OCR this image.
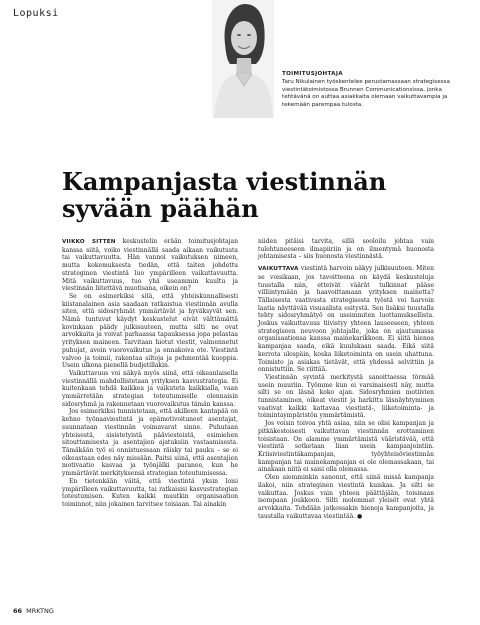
Lopuksi
TOIMITUSJOHTAJA
Taru Nikulainen työskentelee perustamassaan strategisessa viestintätoimistossa Brunnen Communicationsissa, jonka tehtävänä on auttaa asiakkaita olemaan vaikuttavampia ja tekemään parempaa tulosta.
Kampanjasta viestinnän
syvään päähän

VIIKKO SITTEN keskustelin erään toimitusjohtajan kanssa siitä, voiko viestinnällä saada aikaan vaikutusta tai vaikuttavuutta. Hän vannoi vaikutuksen nimeen, mutta kokemuksesta tiedän, että taiten johdettu strateginen viestintä luo ympärilleen vaikuttavuutta. Mitä vaikuttavuus, tuo yhä useammin kuultu ja viestinnän liitettävä muotisana, oikein on?

Se on esimerkiksi sitä, että yhteiskunnallisesti kiistanalainen asia saadaan ratkaistua viestinnän avulla siten, että sidosryhmät ymmärtävät ja hyväksyvät sen. Nämä tuntuvat käydyt keskustelut eivät välttämättä kovinkaan päädy julkisuuteen, mutta silti ne ovat arvokkaita ja voivat parhaassa tapauksessa jopa pelastaa yrityksen maineen. Tarvitaan hiotut viestit, valmennetut puhujat, avoin vuorovaikutus ja ennakoiva ote. Viestintä valvoo ja toimii, rakentaa siltoja ja pehmentää kuoppia. Usein ulkona pienellä budjetillakin.

Vaikuttavuus voi näkyä myös siinä, että oikeanlaisella viestinnällä mahdollistetaan yrityksen kasvustrategia. Ei kuitenkaan tehdä kaikkea ja vaikuteta kaikkialla, vaan ymmärretään strategian toteutumiselle olennaisin sidosryhmä ja rakennetaan vuorovaikutus tämän kanssa.

Jos esimerkiksi tunnistetaan, että akilleen kantapää on kehno työnaaviestintä ja epämotivoituneet asentajat, suunnataan viestinnän voimavarat sinne. Puhutaan yhteisestä, sisistetyistä pääviesteistä, esimiehen sitouttamisesta ja asentajien ajatuksiin vastaamisesta. Tämäkään työ ei onnistuessaan räisky tai pauku – se ei oikeastaan edes näy missään. Paitsi siinä, että asentajien motivaatio kasvaa ja työnjälki paranee, kun he ymmärtävät merkityksensä strategian toteutumisessa.

En tietenkään väitä, että viestintä yksin loisi ympärilleen vaikuttavuutta, tai ratkaisisi kasvustrategian toteutumisen. Kuten kaikki muutkin organisaation toiminnot, niin jokainen tarvitsee toisiaan. Tai ainakin

niiden pitäisi tarvita, sillä sooloilu johtaa vain tulehtuneeseen ilmapiiriin ja on ilmentymä huonosta johtamisesta – siis huonosta viestinnästä.

VAIKUTTAVA viestintä harvoin näkyy julkisuuteen. Miten se voisikaan, jos tavoitteena on käydä keskusteluja tuustalla niin, etteivät väärät tulkinnat pääse villiintymään ja haavoittamaan yrityksen mainetta? Tällaisesta vaativasta strategisesta työstä voi harvoin laatia näyttävää visuaalista esitystä. Sen lisäksi tuustalla tehty sidosryhmätyö on useimmiten luottamuksellista. Joskus vaikuttavuus tiivistyy yhteen lauseeseen, yhteen strategiseen neuvoon johtajalle, joka on ajautumassa organisaationsa kanssa mainekarikkoon. Ei siitä hienoa kampanjaa saada, eikä kuulukaan saada. Eikä siitä kerrota ulospäin, koska liiketoiminta on usein uhattuna. Toimisto ja asiakas tietävät, että yhdessä selvittiin ja onnistuttiin. Se riittää.

Viestinnän syvintä merkitystä sanoittaessa törmää usein muuriin. Työmme kun ei varsinaisesti näy, mutta silti se on läsnä koko ajan. Sidosryhmien motiivien tunnistaminen, oikeat viestit ja harkittu läsnäyhtyminen vaativat kaikki kattavaa viestintä-, liiketoiminta- ja toimintaympäristön ymmärtämistä.

Jos voisin toivoa yhtä asiaa, niin se olisi kampanjan ja pitkäkestoisesti vaikuttavan viestinnän erottaminen toisistaan. On alamme ymmärtämistä vääristävää, että viestintä sotketaan liian usein kampanjointiin. Kriisiviestintäkampanjan, työyhteisöviestinnän kampanjan tai mainekampanjan ei ole olemassakaan, tai ainakaan niitä ei saisi olla olemassa.

Olen aiemminkin sanonut, että siinä missä kampanja ilakoi, niin strateginen viestintä kuiskaa. Ja silti se vaikuttaa. Joskus vain yhteen päättäjään, toisinaan isompaan joukkoon. Silti molemmat yleisöt ovat yhtä arvokkaita. Tehdään jatkossakin hienoja kampanjoita, ja taustalla vaikuttavaa viestintää. ●

66 MRKTNG
